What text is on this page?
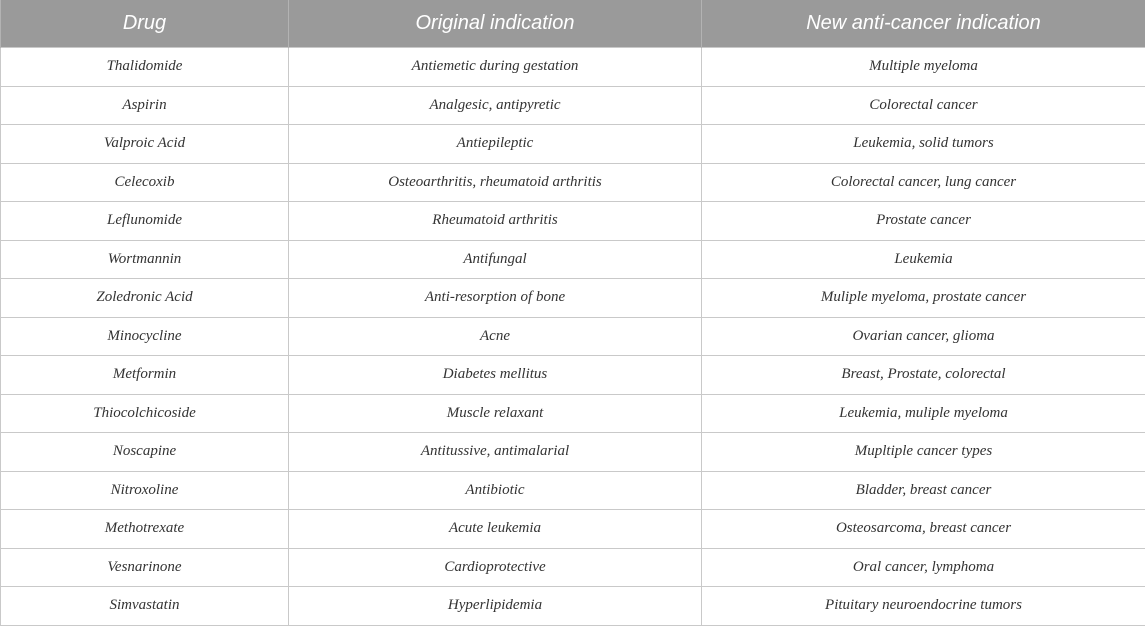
Drug	Original indication	New anti-cancer indication
Thalidomide	Antiemetic during gestation	Multiple myeloma
Aspirin	Analgesic, antipyretic	Colorectal cancer
Valproic Acid	Antiepileptic	Leukemia, solid tumors
Celecoxib	Osteoarthritis, rheumatoid arthritis	Colorectal cancer, lung cancer
Leflunomide	Rheumatoid arthritis	Prostate cancer
Wortmannin	Antifungal	Leukemia
Zoledronic Acid	Anti-resorption of bone	Muliple myeloma, prostate cancer
Minocycline	Acne	Ovarian cancer, glioma
Metformin	Diabetes mellitus	Breast, Prostate, colorectal
Thiocolchicoside	Muscle relaxant	Leukemia, muliple myeloma
Noscapine	Antitussive, antimalarial	Mupltiple cancer types
Nitroxoline	Antibiotic	Bladder, breast cancer
Methotrexate	Acute leukemia	Osteosarcoma, breast cancer
Vesnarinone	Cardioprotective	Oral cancer, lymphoma
Simvastatin	Hyperlipidemia	Pituitary neuroendocrine tumors
